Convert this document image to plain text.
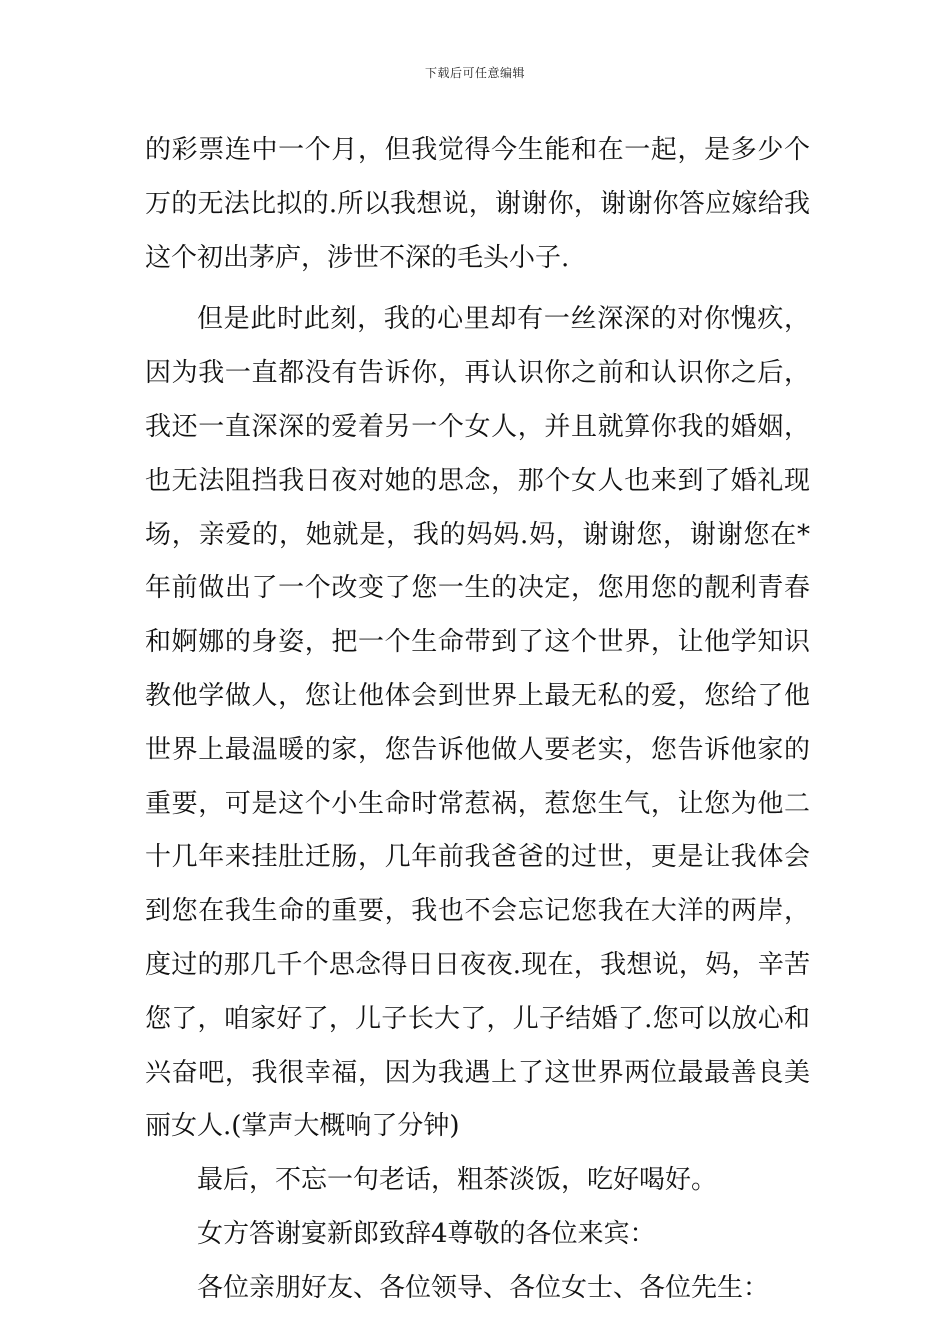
下载后可任意编辑

的彩票连中一个月，但我觉得今生能和在一起，是多少个万的无法比拟的.所以我想说，谢谢你，谢谢你答应嫁给我这个初出茅庐，涉世不深的毛头小子.

但是此时此刻，我的心里却有一丝深深的对你愧疚，因为我一直都没有告诉你，再认识你之前和认识你之后，我还一直深深的爱着另一个女人，并且就算你我的婚姻，也无法阻挡我日夜对她的思念，那个女人也来到了婚礼现场，亲爱的，她就是，我的妈妈.妈，谢谢您，谢谢您在*年前做出了一个改变了您一生的决定，您用您的靓利青春和婀娜的身姿，把一个生命带到了这个世界，让他学知识教他学做人，您让他体会到世界上最无私的爱，您给了他世界上最温暖的家，您告诉他做人要老实，您告诉他家的重要，可是这个小生命时常惹祸，惹您生气，让您为他二十几年来挂肚迁肠，几年前我爸爸的过世，更是让我体会到您在我生命的重要，我也不会忘记您我在大洋的两岸，度过的那几千个思念得日日夜夜.现在，我想说，妈，辛苦您了，咱家好了，儿子长大了，儿子结婚了.您可以放心和兴奋吧，我很幸福，因为我遇上了这世界两位最最善良美丽女人.(掌声大概响了分钟)

最后，不忘一句老话，粗茶淡饭，吃好喝好。

女方答谢宴新郎致辞4尊敬的各位来宾：

各位亲朋好友、各位领导、各位女士、各位先生：
